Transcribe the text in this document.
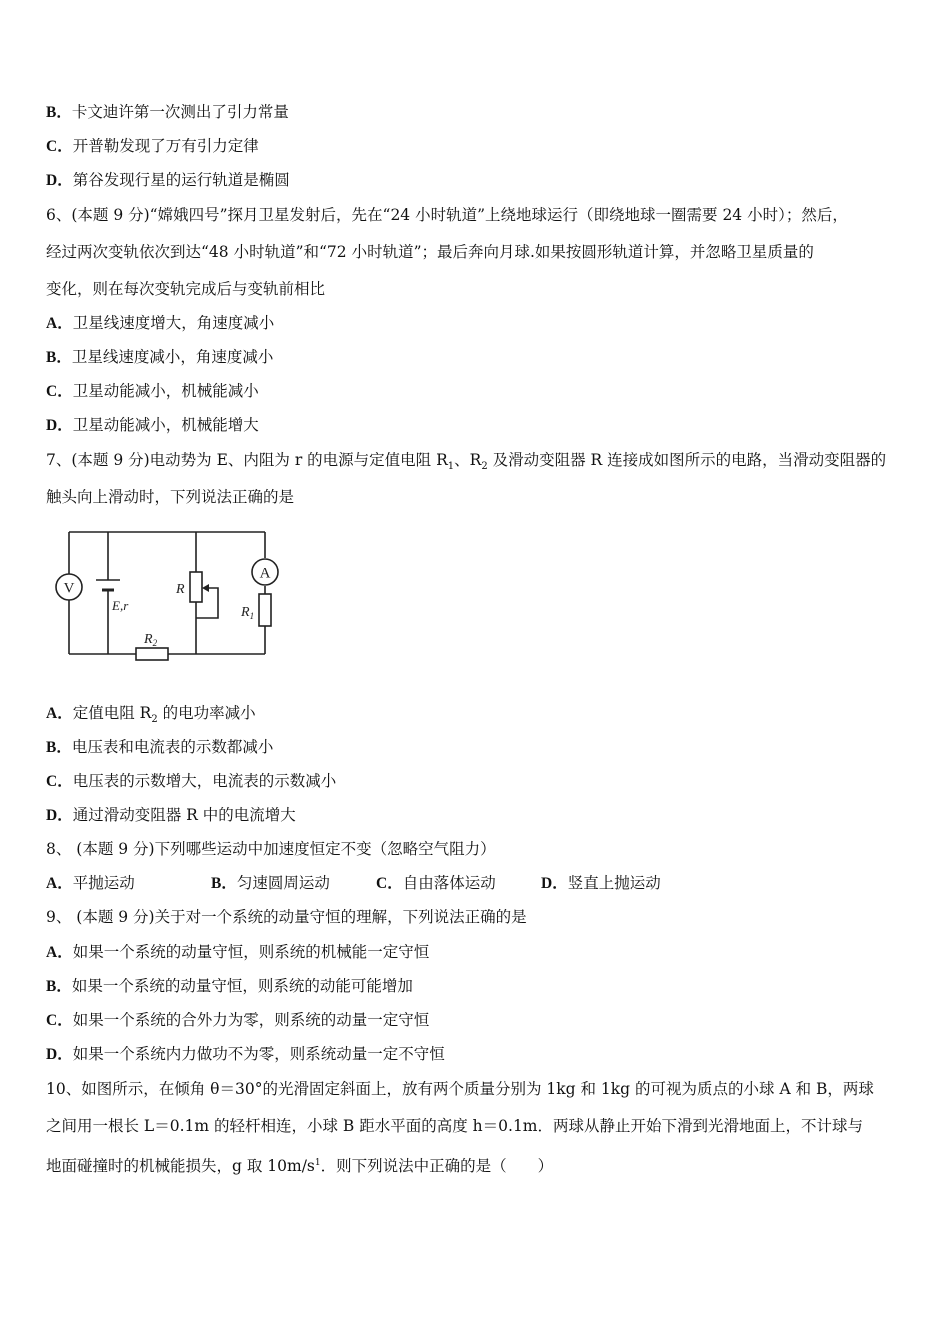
B．卡文迪许第一次测出了引力常量
C．开普勒发现了万有引力定律
D．第谷发现行星的运行轨道是椭圆
6、(本题 9 分)“嫦娥四号”探月卫星发射后，先在“24 小时轨道”上绕地球运行（即绕地球一圈需要 24 小时）；然后，
经过两次变轨依次到达“48 小时轨道”和“72 小时轨道”；最后奔向月球.如果按圆形轨道计算，并忽略卫星质量的
变化，则在每次变轨完成后与变轨前相比
A．卫星线速度增大，角速度减小
B．卫星线速度减小，角速度减小
C．卫星动能减小，机械能减小
D．卫星动能减小，机械能增大
7、(本题 9 分)电动势为 E、内阻为 r 的电源与定值电阻 $R_1$、$R_2$ 及滑动变阻器 R 连接成如图所示的电路，当滑动变阻器的
触头向上滑动时，下列说法正确的是
V
E,r
R
A
$R_1$
$R_2$
A．定值电阻 $R_2$ 的电功率减小
B．电压表和电流表的示数都减小
C．电压表的示数增大，电流表的示数减小
D．通过滑动变阻器 R 中的电流增大
8、 (本题 9 分)下列哪些运动中加速度恒定不变（忽略空气阻力）
A．平抛运动	B．匀速圆周运动	C．自由落体运动	D．竖直上抛运动
9、 (本题 9 分)关于对一个系统的动量守恒的理解，下列说法正确的是
A．如果一个系统的动量守恒，则系统的机械能一定守恒
B．如果一个系统的动量守恒，则系统的动能可能增加
C．如果一个系统的合外力为零，则系统的动量一定守恒
D．如果一个系统内力做功不为零，则系统动量一定不守恒
10、如图所示，在倾角 θ＝30°的光滑固定斜面上，放有两个质量分别为 1kg 和 1kg 的可视为质点的小球 A 和 B，两球
之间用一根长 L＝0.1m 的轻杆相连，小球 B 距水平面的高度 h＝0.1m．两球从静止开始下滑到光滑地面上，不计球与
地面碰撞时的机械能损失，g 取 $10m/s^1$．则下列说法中正确的是（　　）
